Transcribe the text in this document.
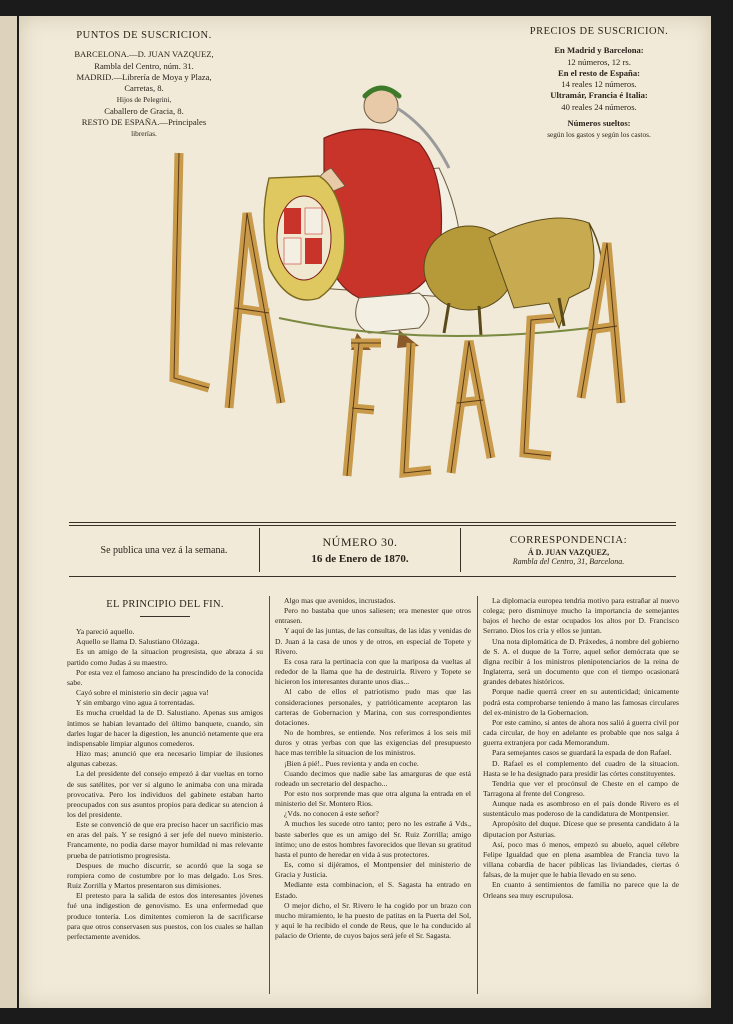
PUNTOS DE SUSCRICION.
BARCELONA.—D. JUAN VAZQUEZ,
Rambla del Centro, núm. 31.
MADRID.—Librería de Moya y Plaza,
Carretas, 8.
Hijos de Pelegrini,
Caballero de Gracia, 8.
RESTO DE ESPAÑA.—Principales
librerías.
PRECIOS DE SUSCRICION.
En Madrid y Barcelona:
12 números, 12 rs.
En el resto de España:
14 reales 12 números.
Ultramár, Francia é Italia:
40 reales 24 números.
Números sueltos:
según los gastos y según los castos.
Se publica una vez á la semana.
NÚMERO 30.
16 de Enero de 1870.
CORRESPONDENCIA:
Á D. JUAN VAZQUEZ,
Rambla del Centro, 31, Barcelona.
EL PRINCIPIO DEL FIN.

Ya pareció aquello.

Aquello se llama D. Salustiano Olózaga.

Es un amigo de la situacion progresista, que abraza á su partido como Judas á su maestro.

Por esta vez el famoso anciano ha prescindido de la conocida sabe.

Cayó sobre el ministerio sin decir ¡agua va!

Y sin embargo vino agua á torrentadas.

Es mucha crueldad la de D. Salustiano. Apenas sus amigos íntimos se habian levantado del último banquete, cuando, sin darles lugar de hacer la digestion, les anunció netamente que era indispensable limpiar algunos comederos.

Hizo mas; anunció que era necesario limpiar de ilusiones algunas cabezas.

La del presidente del consejo empezó á dar vueltas en torno de sus satélites, por ver si alguno le animaba con una mirada provocativa. Pero los individuos del gabinete estaban harto preocupados con sus asuntos propios para dedicar su atencion á los del presidente.

Este se convenció de que era preciso hacer un sacrificio mas en aras del país. Y se resignó á ser jefe del nuevo ministerio. Francamente, no podia darse mayor humildad ni mas relevante prueba de patriotismo progresista.

Despues de mucho discurrir, se acordó que la soga se rompiera como de costumbre por lo mas delgado. Los Sres. Ruiz Zorrilla y Martos presentaron sus dimisiones.

El pretesto para la salida de estos dos interesantes jóvenes fué una indigestion de genovismo. Es una enfermedad que produce tontería. Los dimitentes comieron la de sacrificarse para que otros conservasen sus puestos, con los cuales se hallan perfectamente avenidos.

Algo mas que avenidos, incrustados.

Pero no bastaba que unos saliesen; era menester que otros entrasen.

Y aquí de las juntas, de las consultas, de las idas y venidas de D. Juan á la casa de unos y de otros, en especial de Topete y Rivero.

Es cosa rara la pertinacia con que la mariposa da vueltas al rededor de la llama que ha de destruirla. Rivero y Topete se hicieron los interesantes durante unos dias...

Al cabo de ellos el patriotismo pudo mas que las consideraciones personales, y patrióticamente aceptaron las carteras de Gobernacion y Marina, con sus correspondientes dotaciones.

No de hombres, se entiende. Nos referimos á los seis mil duros y otras yerbas con que las exigencias del presupuesto hace mas terrible la situacion de los ministros.

¡Bien á pié!.. Pues revienta y anda en coche.

Cuando decimos que nadie sabe las amarguras de que está rodeado un secretario del despacho...

Por esto nos sorprende mas que otra alguna la entrada en el ministerio del Sr. Montero Rios.

¿Vds. no conocen á este señor?

A muchos les sucede otro tanto; pero no les estrañe á Vds., baste saberles que es un amigo del Sr. Ruiz Zorrilla; amigo íntimo; uno de estos hombres favorecidos que llevan su gratitud hasta el punto de heredar en vida á sus protectores.

Es, como si dijéramos, el Montpensier del ministerio de Gracia y Justicia.

Mediante esta combinacion, el S. Sagasta ha entrado en Estado.

O mejor dicho, el Sr. Rivero le ha cogido por un brazo con mucho miramiento, le ha puesto de patitas en la Puerta del Sol, y aquí le ha recibido el conde de Reus, que le ha conducido al palacio de Oriente, de cuyos bajos será jefe el Sr. Sagasta.

La diplomacia europea tendria motivo para estrañar al nuevo colega; pero disminuye mucho la importancia de semejantes bajos el hecho de estar ocupados los altos por D. Francisco Serrano. Dios los cria y ellos se juntan.

Una nota diplomática de D. Práxedes, á nombre del gobierno de S. A. el duque de la Torre, aquel señor demócrata que se digna recibir á los ministros plenipotenciarios de la reina de Inglaterra, será un documento que con el tiempo ocasionará grandes debates históricos.

Porque nadie querrá creer en su autenticidad; únicamente podrá esta comprobarse teniendo á mano las famosas circulares del ex-ministro de la Gobernacion.

Por este camino, si antes de ahora nos salió á guerra civil por cada circular, de hoy en adelante es probable que nos salga á guerra extranjera por cada Memorandum.

Para semejantes casos se guardará la espada de don Rafael.

D. Rafael es el complemento del cuadro de la situacion. Hasta se le ha designado para presidir las córtes constituyentes.

Tendria que ver el procónsul de Cheste en el campo de Tarragona al frente del Congreso.

Aunque nada es asombroso en el país donde Rivero es el sustentáculo mas poderoso de la candidatura de Montpensier.

Apropósito del duque. Dícese que se presenta candidato á la diputacion por Asturias.

Así, poco mas ó menos, empezó su abuelo, aquel célebre Felipe Igualdad que en plena asamblea de Francia tuvo la villana cobardía de hacer públicas las liviandades, ciertas ó falsas, de la mujer que le habia llevado en su seno.

En cuanto á sentimientos de familia no parece que la de Orleans sea muy escrupulosa.
